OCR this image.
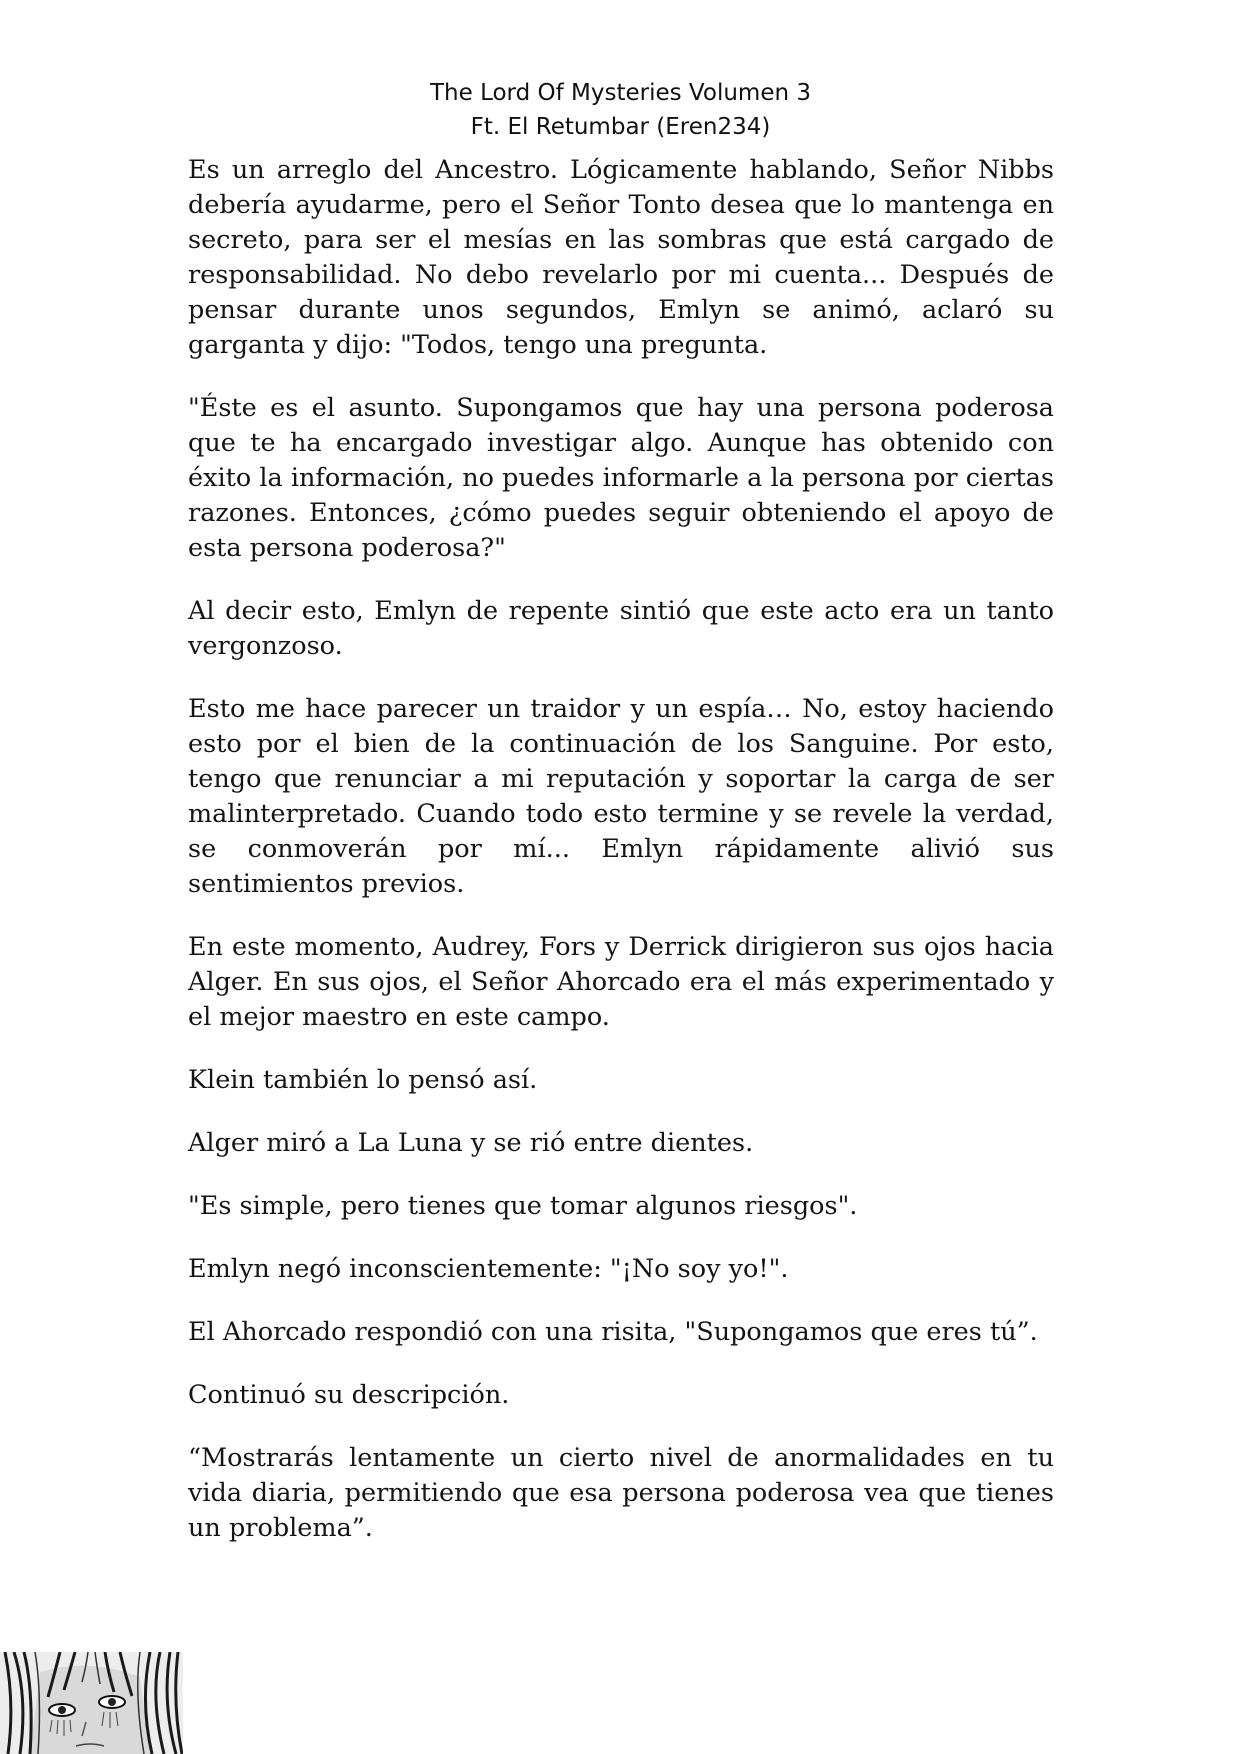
The Lord Of Mysteries Volumen 3
Ft. El Retumbar (Eren234)

Es un arreglo del Ancestro. Lógicamente hablando, Señor Nibbs debería ayudarme, pero el Señor Tonto desea que lo mantenga en secreto, para ser el mesías en las sombras que está cargado de responsabilidad. No debo revelarlo por mi cuenta... Después de pensar durante unos segundos, Emlyn se animó, aclaró su garganta y dijo: "Todos, tengo una pregunta.

"Éste es el asunto. Supongamos que hay una persona poderosa que te ha encargado investigar algo. Aunque has obtenido con éxito la información, no puedes informarle a la persona por ciertas razones. Entonces, ¿cómo puedes seguir obteniendo el apoyo de esta persona poderosa?"

Al decir esto, Emlyn de repente sintió que este acto era un tanto vergonzoso.

Esto me hace parecer un traidor y un espía… No, estoy haciendo esto por el bien de la continuación de los Sanguine. Por esto, tengo que renunciar a mi reputación y soportar la carga de ser malinterpretado. Cuando todo esto termine y se revele la verdad, se conmoverán por mí... Emlyn rápidamente alivió sus sentimientos previos.

En este momento, Audrey, Fors y Derrick dirigieron sus ojos hacia Alger. En sus ojos, el Señor Ahorcado era el más experimentado y el mejor maestro en este campo.

Klein también lo pensó así.

Alger miró a La Luna y se rió entre dientes.

"Es simple, pero tienes que tomar algunos riesgos".

Emlyn negó inconscientemente: "¡No soy yo!".

El Ahorcado respondió con una risita, "Supongamos que eres tú”.

Continuó su descripción.

“Mostrarás lentamente un cierto nivel de anormalidades en tu vida diaria, permitiendo que esa persona poderosa vea que tienes un problema”.
